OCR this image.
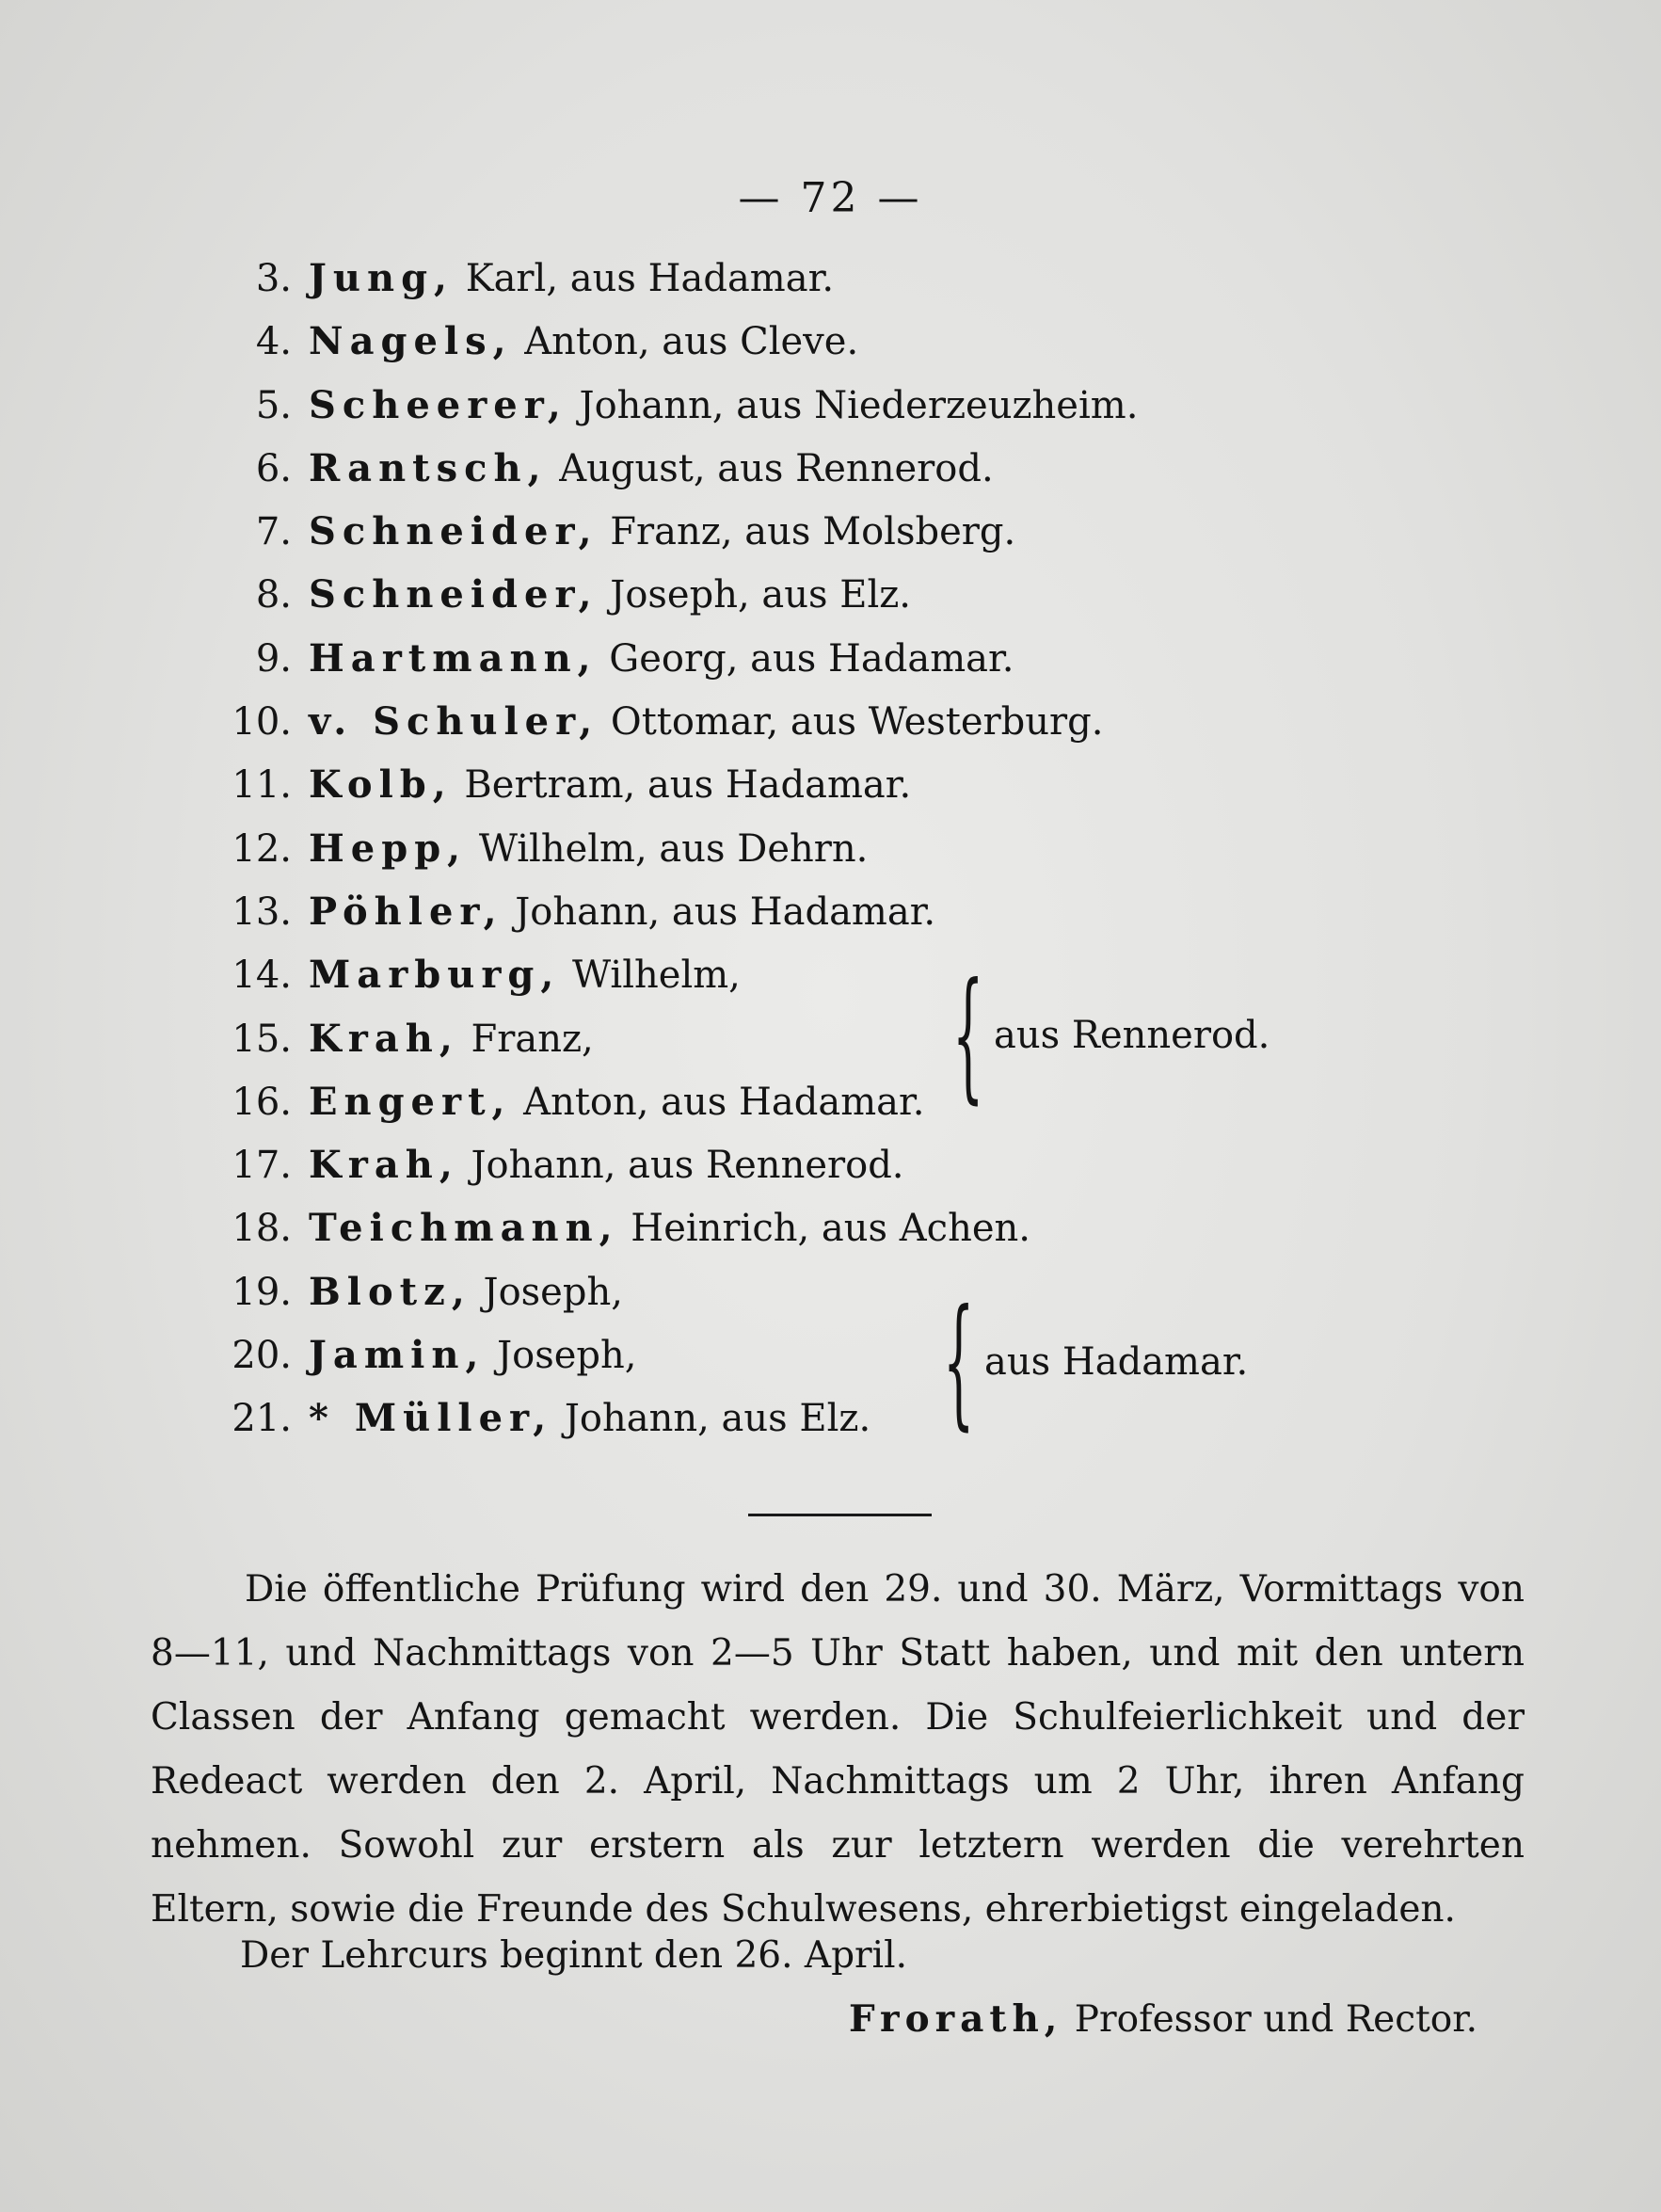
— 72 —
3. Jung, Karl, aus Hadamar.
4. Nagels, Anton, aus Cleve.
5. Scheerer, Johann, aus Niederzeuzheim.
6. Rantsch, August, aus Rennerod.
7. Schneider, Franz, aus Molsberg.
8. Schneider, Joseph, aus Elz.
9. Hartmann, Georg, aus Hadamar.
10. v. Schuler, Ottomar, aus Westerburg.
11. Kolb, Bertram, aus Hadamar.
12. Hepp, Wilhelm, aus Dehrn.
13. Pöhler, Johann, aus Hadamar.
14. Marburg, Wilhelm,
15. Krah, Franz,
16. Engert, Anton, aus Hadamar.
17. Krah, Johann, aus Rennerod.
18. Teichmann, Heinrich, aus Achen.
19. Blotz, Joseph,
20. Jamin, Joseph,
21. * Müller, Johann, aus Elz.
{ aus Rennerod.
{ aus Hadamar.

Die öffentliche Prüfung wird den 29. und 30. März, Vormittags von 8—11, und Nachmittags von 2—5 Uhr Statt haben, und mit den untern Classen der Anfang gemacht werden. Die Schulfeierlichkeit und der Redeact werden den 2. April, Nachmittags um 2 Uhr, ihren Anfang nehmen. Sowohl zur erstern als zur letztern werden die verehrten Eltern, sowie die Freunde des Schulwesens, ehrerbietigst eingeladen.

Der Lehrcurs beginnt den 26. April.

Frorath, Professor und Rector.
